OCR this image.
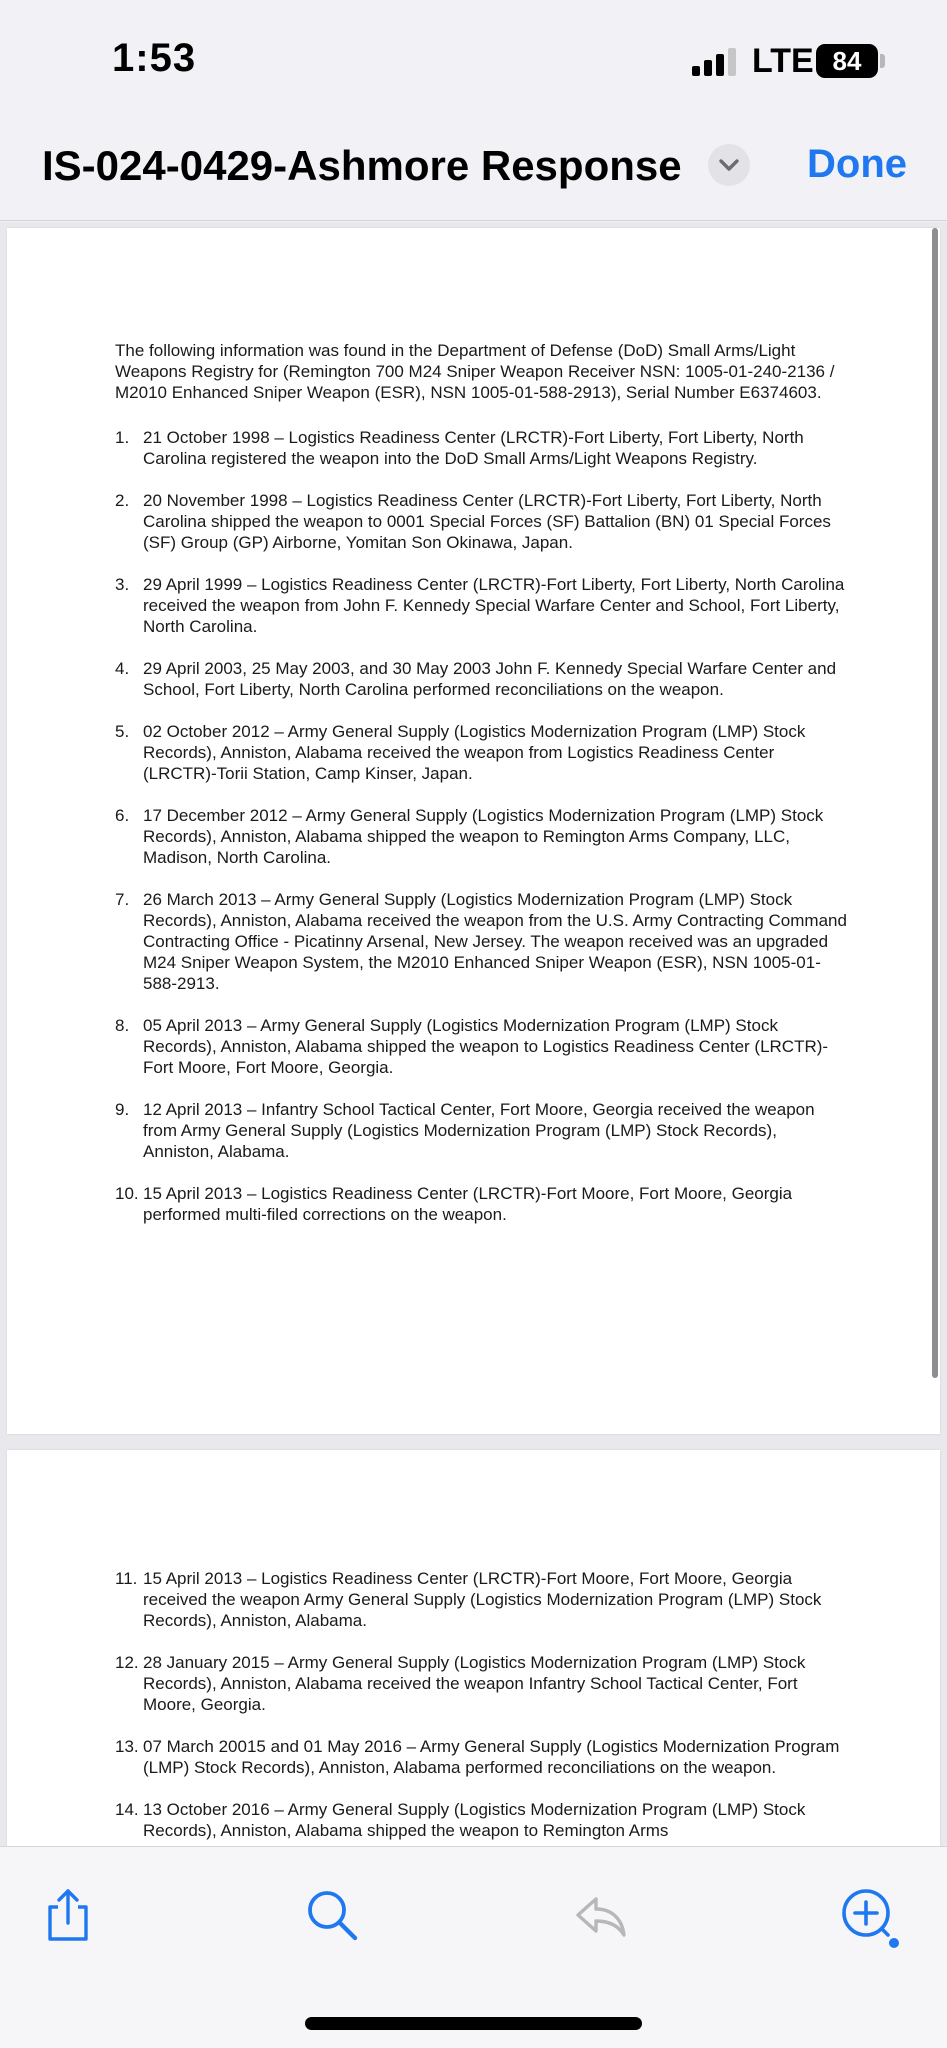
1:53	LTE 84
IS-024-0429-Ashmore Response	Done

The following information was found in the Department of Defense (DoD) Small Arms/Light Weapons Registry for (Remington 700 M24 Sniper Weapon Receiver NSN: 1005-01-240-2136 / M2010 Enhanced Sniper Weapon (ESR), NSN 1005-01-588-2913), Serial Number E6374603.

1. 21 October 1998 – Logistics Readiness Center (LRCTR)-Fort Liberty, Fort Liberty, North Carolina registered the weapon into the DoD Small Arms/Light Weapons Registry.
2. 20 November 1998 – Logistics Readiness Center (LRCTR)-Fort Liberty, Fort Liberty, North Carolina shipped the weapon to 0001 Special Forces (SF) Battalion (BN) 01 Special Forces (SF) Group (GP) Airborne, Yomitan Son Okinawa, Japan.
3. 29 April 1999 – Logistics Readiness Center (LRCTR)-Fort Liberty, Fort Liberty, North Carolina received the weapon from John F. Kennedy Special Warfare Center and School, Fort Liberty, North Carolina.
4. 29 April 2003, 25 May 2003, and 30 May 2003 John F. Kennedy Special Warfare Center and School, Fort Liberty, North Carolina performed reconciliations on the weapon.
5. 02 October 2012 – Army General Supply (Logistics Modernization Program (LMP) Stock Records), Anniston, Alabama received the weapon from Logistics Readiness Center (LRCTR)-Torii Station, Camp Kinser, Japan.
6. 17 December 2012 – Army General Supply (Logistics Modernization Program (LMP) Stock Records), Anniston, Alabama shipped the weapon to Remington Arms Company, LLC, Madison, North Carolina.
7. 26 March 2013 – Army General Supply (Logistics Modernization Program (LMP) Stock Records), Anniston, Alabama received the weapon from the U.S. Army Contracting Command Contracting Office - Picatinny Arsenal, New Jersey. The weapon received was an upgraded M24 Sniper Weapon System, the M2010 Enhanced Sniper Weapon (ESR), NSN 1005-01-588-2913.
8. 05 April 2013 – Army General Supply (Logistics Modernization Program (LMP) Stock Records), Anniston, Alabama shipped the weapon to Logistics Readiness Center (LRCTR)-Fort Moore, Fort Moore, Georgia.
9. 12 April 2013 – Infantry School Tactical Center, Fort Moore, Georgia received the weapon from Army General Supply (Logistics Modernization Program (LMP) Stock Records), Anniston, Alabama.
10. 15 April 2013 – Logistics Readiness Center (LRCTR)-Fort Moore, Fort Moore, Georgia performed multi-filed corrections on the weapon.
11. 15 April 2013 – Logistics Readiness Center (LRCTR)-Fort Moore, Fort Moore, Georgia received the weapon Army General Supply (Logistics Modernization Program (LMP) Stock Records), Anniston, Alabama.
12. 28 January 2015 – Army General Supply (Logistics Modernization Program (LMP) Stock Records), Anniston, Alabama received the weapon Infantry School Tactical Center, Fort Moore, Georgia.
13. 07 March 20015 and 01 May 2016 – Army General Supply (Logistics Modernization Program (LMP) Stock Records), Anniston, Alabama performed reconciliations on the weapon.
14. 13 October 2016 – Army General Supply (Logistics Modernization Program (LMP) Stock Records), Anniston, Alabama shipped the weapon to Remington Arms
